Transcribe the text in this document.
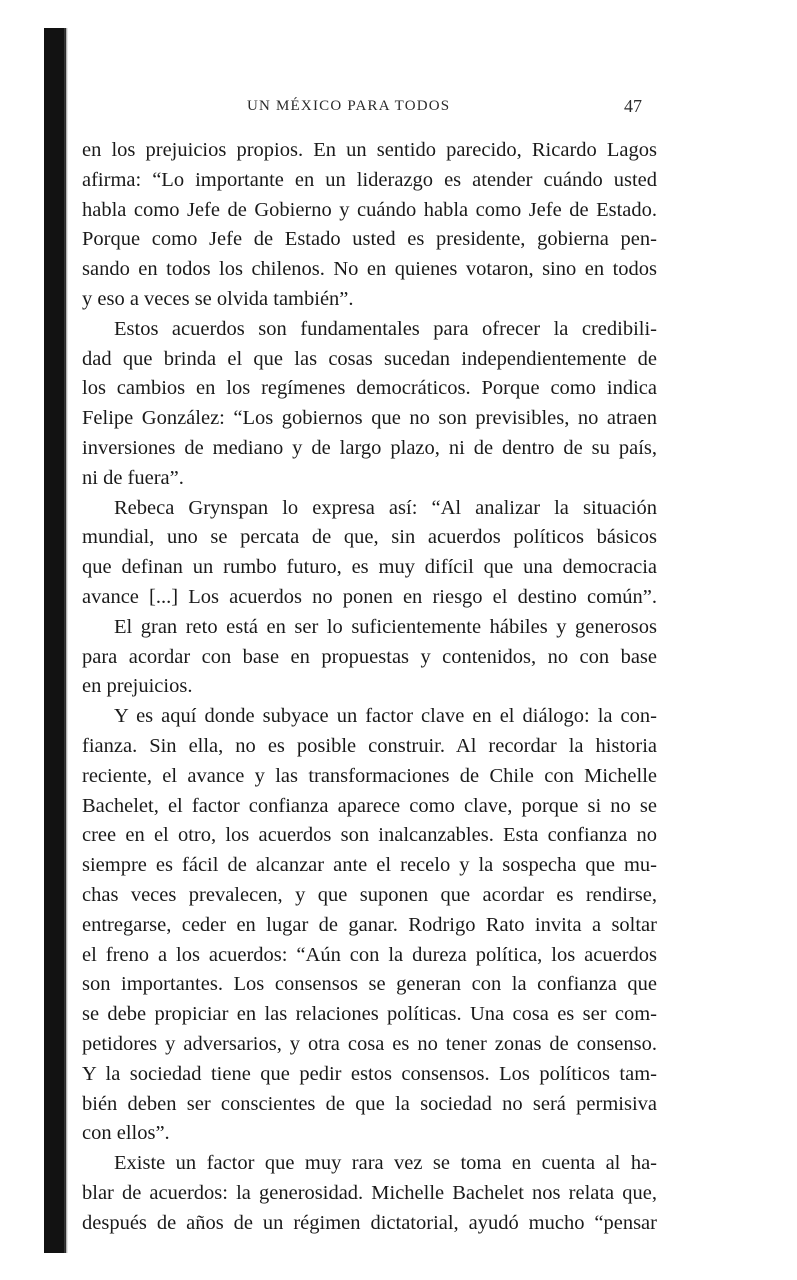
UN MÉXICO PARA TODOS	47
en los prejuicios propios. En un sentido parecido, Ricardo Lagos
afirma: “Lo importante en un liderazgo es atender cuándo usted
habla como Jefe de Gobierno y cuándo habla como Jefe de Estado.
Porque como Jefe de Estado usted es presidente, gobierna pen-
sando en todos los chilenos. No en quienes votaron, sino en todos
y eso a veces se olvida también”.
Estos acuerdos son fundamentales para ofrecer la credibili-
dad que brinda el que las cosas sucedan independientemente de
los cambios en los regímenes democráticos. Porque como indica
Felipe González: “Los gobiernos que no son previsibles, no atraen
inversiones de mediano y de largo plazo, ni de dentro de su país,
ni de fuera”.
Rebeca Grynspan lo expresa así: “Al analizar la situación
mundial, uno se percata de que, sin acuerdos políticos básicos
que definan un rumbo futuro, es muy difícil que una democracia
avance [...] Los acuerdos no ponen en riesgo el destino común”.
El gran reto está en ser lo suficientemente hábiles y generosos
para acordar con base en propuestas y contenidos, no con base
en prejuicios.
Y es aquí donde subyace un factor clave en el diálogo: la con-
fianza. Sin ella, no es posible construir. Al recordar la historia
reciente, el avance y las transformaciones de Chile con Michelle
Bachelet, el factor confianza aparece como clave, porque si no se
cree en el otro, los acuerdos son inalcanzables. Esta confianza no
siempre es fácil de alcanzar ante el recelo y la sospecha que mu-
chas veces prevalecen, y que suponen que acordar es rendirse,
entregarse, ceder en lugar de ganar. Rodrigo Rato invita a soltar
el freno a los acuerdos: “Aún con la dureza política, los acuerdos
son importantes. Los consensos se generan con la confianza que
se debe propiciar en las relaciones políticas. Una cosa es ser com-
petidores y adversarios, y otra cosa es no tener zonas de consenso.
Y la sociedad tiene que pedir estos consensos. Los políticos tam-
bién deben ser conscientes de que la sociedad no será permisiva
con ellos”.
Existe un factor que muy rara vez se toma en cuenta al ha-
blar de acuerdos: la generosidad. Michelle Bachelet nos relata que,
después de años de un régimen dictatorial, ayudó mucho “pensar
